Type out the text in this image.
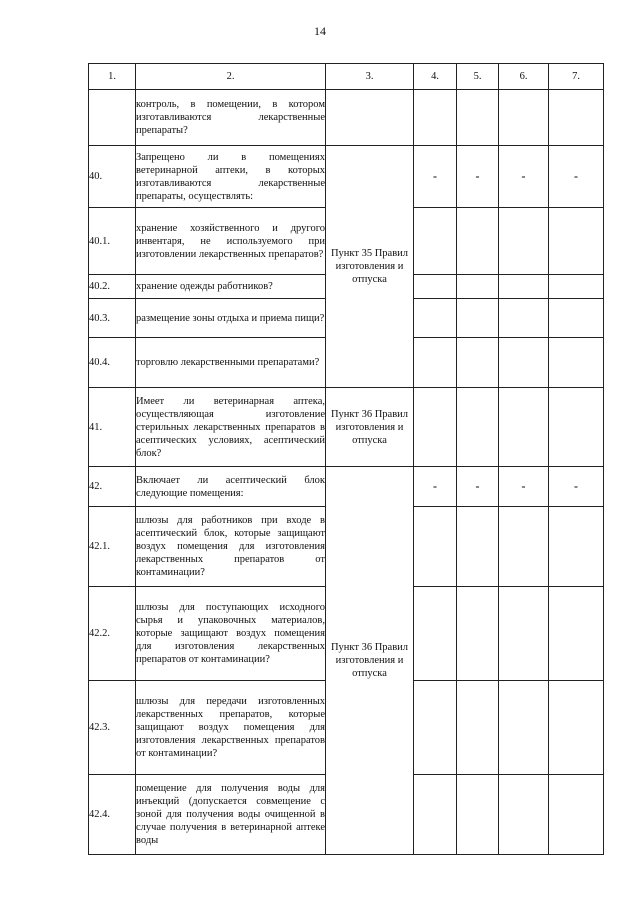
14
1.	2.	3.	4.	5.	6.	7.
	контроль, в помещении, в котором изготавливаются лекарственные препараты?					
40.	Запрещено ли в помещениях ветеринарной аптеки, в которых изготавливаются лекарственные препараты, осуществлять:	Пункт 35 Правил изготовления и отпуска	-	-	-	-
40.1.	хранение хозяйственного и другого инвентаря, не используемого при изготовлении лекарственных препаратов?					
40.2.	хранение одежды работников?					
40.3.	размещение зоны отдыха и приема пищи?					
40.4.	торговлю лекарственными препаратами?					
41.	Имеет ли ветеринарная аптека, осуществляющая изготовление стерильных лекарственных препаратов в асептических условиях, асептический блок?	Пункт 36 Правил изготовления и отпуска				
42.	Включает ли асептический блок следующие помещения:	Пункт 36 Правил изготовления и отпуска	-	-	-	-
42.1.	шлюзы для работников при входе в асептический блок, которые защищают воздух помещения для изготовления лекарственных препаратов от контаминации?					
42.2.	шлюзы для поступающих исходного сырья и упаковочных материалов, которые защищают воздух помещения для изготовления лекарственных препаратов от контаминации?					
42.3.	шлюзы для передачи изготовленных лекарственных препаратов, которые защищают воздух помещения для изготовления лекарственных препаратов от контаминации?					
42.4.	помещение для получения воды для инъекций (допускается совмещение с зоной для получения воды очищенной в случае получения в ветеринарной аптеке воды					
